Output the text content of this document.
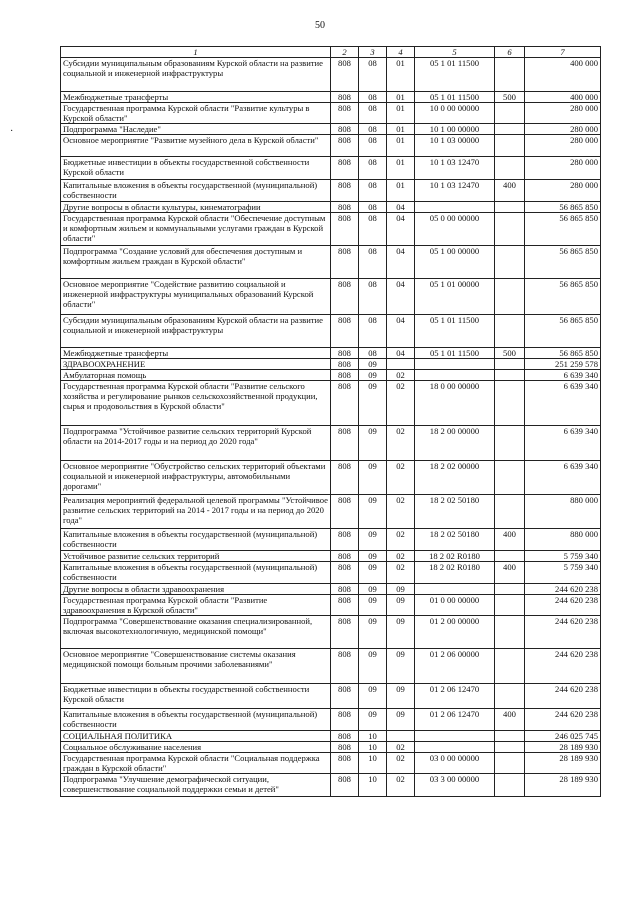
50
·
1	2	3	4	5	6	7
Субсидии муниципальным образованиям Курской области на развитие социальной и инженерной инфраструктуры	808	08	01	05 1 01 11500		400 000
Межбюджетные трансферты	808	08	01	05 1 01 11500	500	400 000
Государственная программа Курской области "Развитие культуры в Курской области"	808	08	01	10 0 00 00000		280 000
Подпрограмма "Наследие"	808	08	01	10 1 00 00000		280 000
Основное мероприятие "Развитие музейного дела в Курской области"	808	08	01	10 1 03 00000		280 000
Бюджетные инвестиции в объекты государственной собственности Курской области	808	08	01	10 1 03 12470		280 000
Капитальные вложения в объекты государственной (муниципальной) собственности	808	08	01	10 1 03 12470	400	280 000
Другие вопросы в области культуры, кинематографии	808	08	04			56 865 850
Государственная программа Курской области "Обеспечение доступным и комфортным жильем и коммунальными услугами граждан в Курской области"	808	08	04	05 0 00 00000		56 865 850
Подпрограмма "Создание условий для обеспечения доступным и комфортным жильем граждан в Курской области"	808	08	04	05 1 00 00000		56 865 850
Основное мероприятие "Содействие развитию социальной и инженерной инфраструктуры муниципальных образований Курской области"	808	08	04	05 1 01 00000		56 865 850
Субсидии муниципальным образованиям Курской области на развитие социальной и инженерной инфраструктуры	808	08	04	05 1 01 11500		56 865 850
Межбюджетные трансферты	808	08	04	05 1 01 11500	500	56 865 850
ЗДРАВООХРАНЕНИЕ	808	09				251 259 578
Амбулаторная помощь	808	09	02			6 639 340
Государственная программа Курской области "Развитие сельского хозяйства и регулирование рынков сельскохозяйственной продукции, сырья и продовольствия в Курской области"	808	09	02	18 0 00 00000		6 639 340
Подпрограмма "Устойчивое развитие сельских территорий Курской области на 2014-2017 годы и на период до 2020 года"	808	09	02	18 2 00 00000		6 639 340
Основное мероприятие "Обустройство сельских территорий объектами социальной и инженерной инфраструктуры, автомобильными дорогами"	808	09	02	18 2 02 00000		6 639 340
Реализация мероприятий федеральной целевой программы "Устойчивое развитие сельских территорий на 2014 - 2017 годы и на период до 2020 года"	808	09	02	18 2 02 50180		880 000
Капитальные вложения в объекты государственной (муниципальной) собственности	808	09	02	18 2 02 50180	400	880 000
Устойчивое развитие сельских территорий	808	09	02	18 2 02 R0180		5 759 340
Капитальные вложения в объекты государственной (муниципальной) собственности	808	09	02	18 2 02 R0180	400	5 759 340
Другие вопросы в области здравоохранения	808	09	09			244 620 238
Государственная программа Курской области "Развитие здравоохранения в Курской области"	808	09	09	01 0 00 00000		244 620 238
Подпрограмма "Совершенствование оказания специализированной, включая высокотехнологичную, медицинской помощи"	808	09	09	01 2 00 00000		244 620 238
Основное мероприятие "Совершенствование системы оказания медицинской помощи больным прочими заболеваниями"	808	09	09	01 2 06 00000		244 620 238
Бюджетные инвестиции в объекты государственной собственности Курской области	808	09	09	01 2 06 12470		244 620 238
Капитальные вложения в объекты государственной (муниципальной) собственности	808	09	09	01 2 06 12470	400	244 620 238
СОЦИАЛЬНАЯ ПОЛИТИКА	808	10				246 025 745
Социальное обслуживание населения	808	10	02			28 189 930
Государственная программа Курской области "Социальная поддержка граждан в Курской области"	808	10	02	03 0 00 00000		28 189 930
Подпрограмма "Улучшение демографической ситуации, совершенствование социальной поддержки семьи и детей"	808	10	02	03 3 00 00000		28 189 930
